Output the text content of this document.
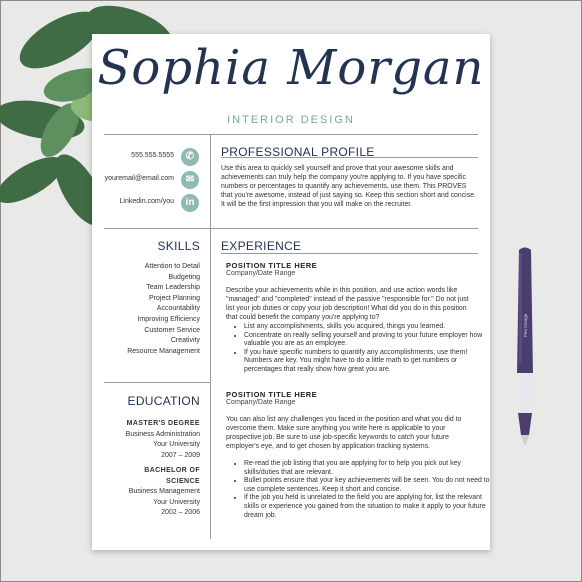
Sophia Morgan
INTERIOR DESIGN
555.555.5555	✆
youremail@email.com	✉
Linkedin.com/you	in
PROFESSIONAL PROFILE
Use this area to quickly sell yourself and prove that your awesome skills and achievements can truly help the company you're applying to. If you have specific numbers or percentages to quantify any achievements, use them. This PROVES that you're awesome, instead of just saying so. Keep this section short and concise. It will be the first impression that you will make on the recruiter.
SKILLS
Attention to Detail
Budgeting
Team Leadership
Project Planning
Accountability
Improving Efficiency
Customer Service
Creativity
Resource Management
EXPERIENCE
POSITION TITLE HERE
Company/Date Range
Describe your achievements while in this position, and use action words like "managed" and "completed" instead of the passive "responsible for." Do not just list your job duties or copy your job description! What did you do in this position that could benefit the company you're applying to?
• List any accomplishments, skills you acquired, things you learned.
• Concentrate on really selling yourself and proving to your future employer how valuable you are as an employee.
• If you have specific numbers to quantify any accomplishments, use them! Numbers are key. You might have to do a little math to get numbers or percentages that really show how great you are.
EDUCATION
MASTER'S DEGREE
Business Administration
Your University
2007 – 2009
BACHELOR OF
SCIENCE
Business Management
Your University
2002 – 2006
POSITION TITLE HERE
Company/Date Range
You can also list any challenges you faced in the position and what you did to overcome them. Make sure anything you write here is applicable to your prospective job. Be sure to use job-specific keywords to catch your future employer's eye, and to get chosen by application tracking systems.
• Re-read the job listing that you are applying for to help you pick out key skills/duties that are relevant.
• Bullet points ensure that your key achievements will be seen. You do not need to use complete sentences. Keep it short and concise.
• If the job you held is unrelated to the field you are applying for, list the relevant skills or experience you gained from the situation to make it apply to your future dream job.
Pen Design
